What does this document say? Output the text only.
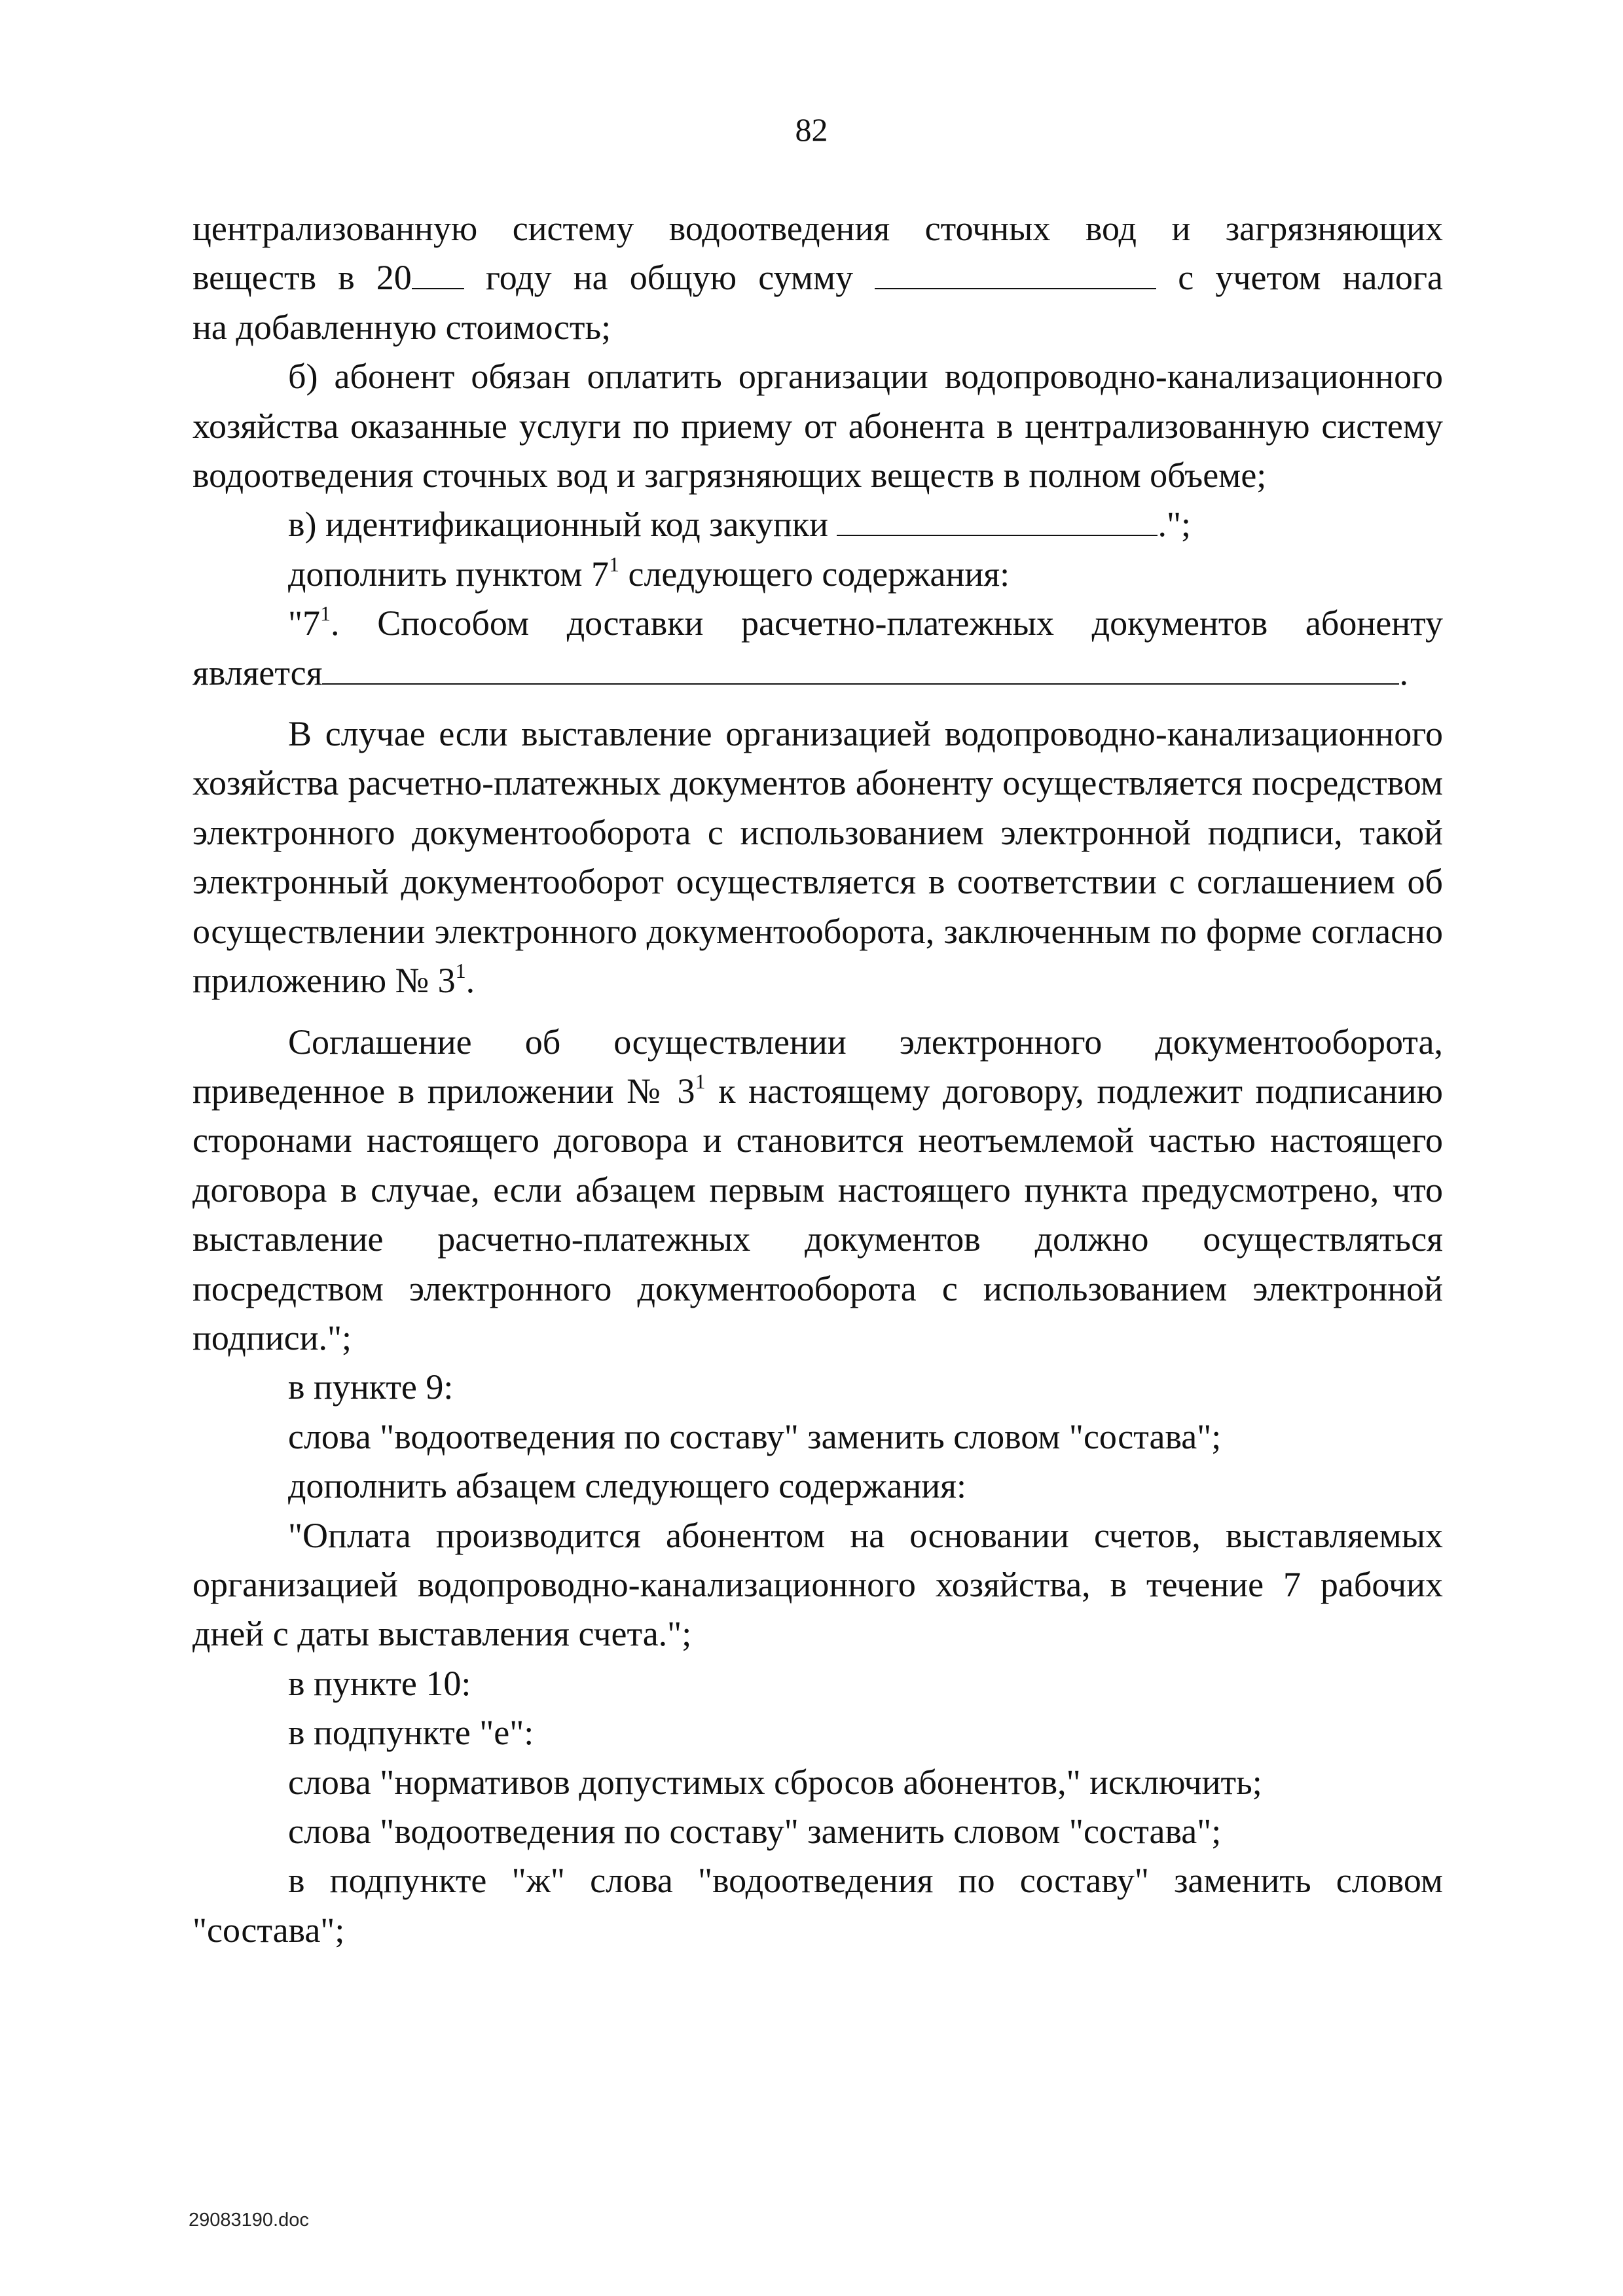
82

централизованную систему водоотведения сточных вод и загрязняющих

веществ в 20 году на общую сумму	с учетом налога

на добавленную стоимость;

б) абонент обязан оплатить организации водопроводно-канализационного хозяйства оказанные услуги по приему от абонента в централизованную систему водоотведения сточных вод и загрязняющих веществ в полном объеме;

в) идентификационный код закупки	.";

дополнить пунктом $7^1$ следующего содержания:

"$7^1$. Способом доставки расчетно-платежных документов абоненту

является	.

В случае если выставление организацией водопроводно-канализационного хозяйства расчетно-платежных документов абоненту осуществляется посредством электронного документооборота с использованием электронной подписи, такой электронный документооборот осуществляется в соответствии с соглашением об осуществлении электронного документооборота, заключенным по форме согласно приложению № $3^1$.

Соглашение об осуществлении электронного документооборота, приведенное в приложении № $3^1$ к настоящему договору, подлежит подписанию сторонами настоящего договора и становится неотъемлемой частью настоящего договора в случае, если абзацем первым настоящего пункта предусмотрено, что выставление расчетно-платежных документов должно осуществляться посредством электронного документооборота с использованием электронной подписи.";

в пункте 9:

слова "водоотведения по составу" заменить словом "состава";

дополнить абзацем следующего содержания:

"Оплата производится абонентом на основании счетов, выставляемых организацией водопроводно-канализационного хозяйства, в течение 7 рабочих дней с даты выставления счета.";

в пункте 10:

в подпункте "е":

слова "нормативов допустимых сбросов абонентов," исключить;

слова "водоотведения по составу" заменить словом "состава";

в подпункте "ж" слова "водоотведения по составу" заменить словом "состава";

29083190.doc
